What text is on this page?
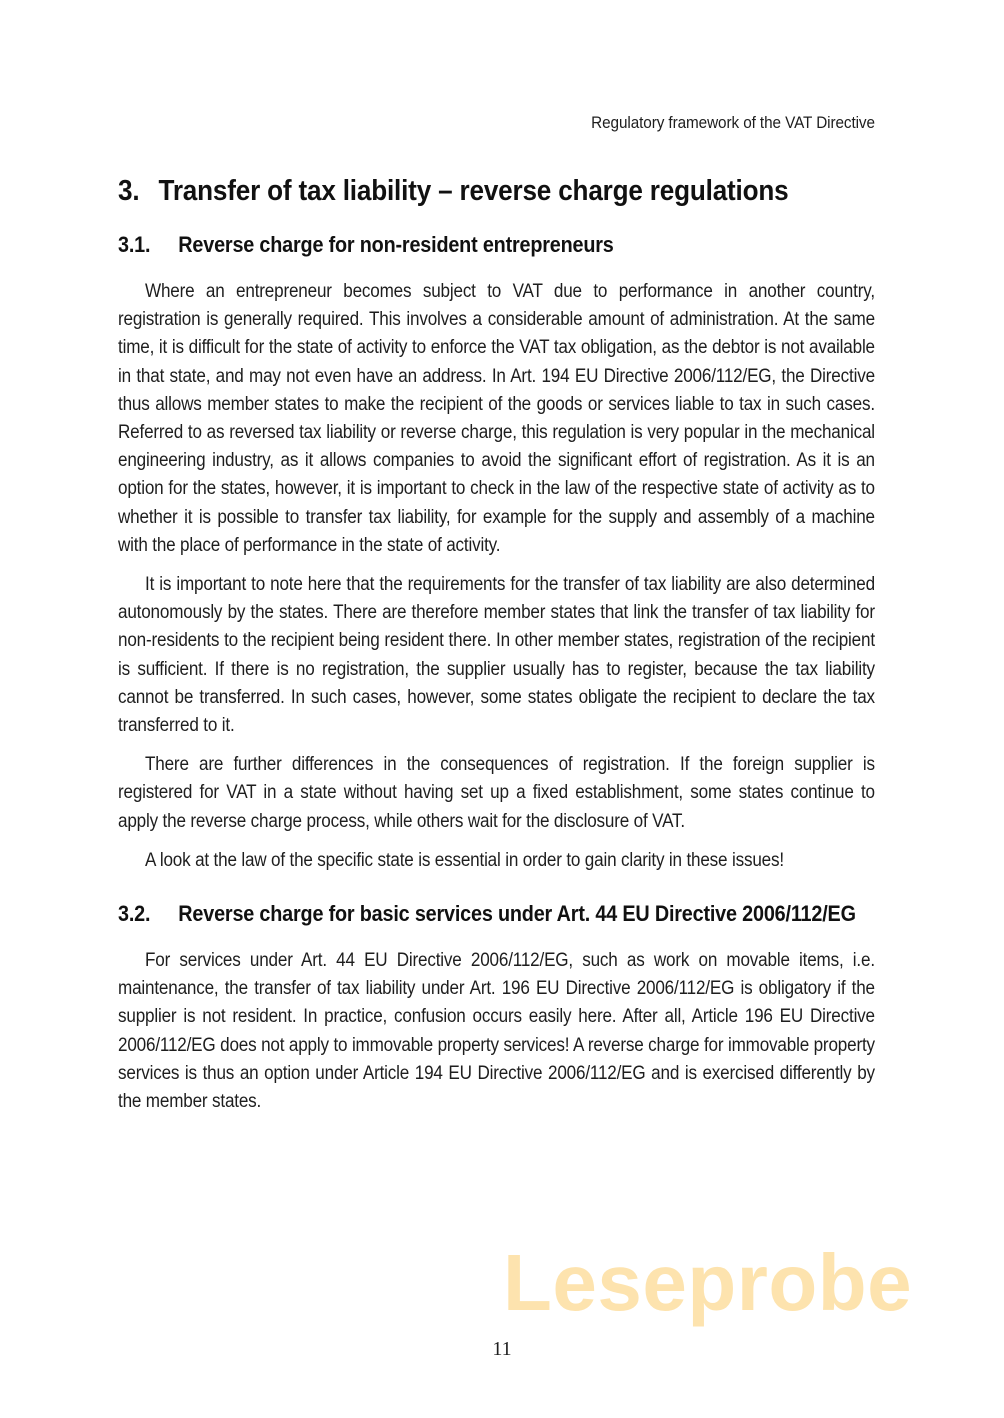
Leseprobe
Regulatory framework of the VAT Directive
3. Transfer of tax liability – reverse charge regulations
3.1. Reverse charge for non-resident entrepreneurs

Where an entrepreneur becomes subject to VAT due to performance in another country, registration is generally required. This involves a considerable amount of administration. At the same time, it is difficult for the state of activity to enforce the VAT tax obligation, as the debtor is not available in that state, and may not even have an address. In Art. 194 EU Directive 2006/112/EG, the Directive thus allows member states to make the recipient of the goods or services liable to tax in such cases. Referred to as reversed tax liability or reverse charge, this regulation is very popular in the mechanical engineering industry, as it allows companies to avoid the significant effort of registration. As it is an option for the states, however, it is important to check in the law of the respective state of activity as to whether it is possible to transfer tax liability, for example for the supply and assembly of a machine with the place of performance in the state of activity.

It is important to note here that the requirements for the transfer of tax liability are also determined autonomously by the states. There are therefore member states that link the transfer of tax liability for non-residents to the recipient being resident there. In other member states, registration of the recipient is sufficient. If there is no registration, the supplier usually has to register, because the tax liability cannot be transferred. In such cases, however, some states obligate the recipient to declare the tax transferred to it.

There are further differences in the consequences of registration. If the foreign supplier is registered for VAT in a state without having set up a fixed establishment, some states continue to apply the reverse charge process, while others wait for the disclosure of VAT.

A look at the law of the specific state is essential in order to gain clarity in these issues!

3.2. Reverse charge for basic services under Art. 44 EU Directive 2006/112/EG

For services under Art. 44 EU Directive 2006/112/EG, such as work on movable items, i.e. maintenance, the transfer of tax liability under Art. 196 EU Directive 2006/112/EG is obligatory if the supplier is not resident. In practice, confusion occurs easily here. After all, Article 196 EU Directive 2006/112/EG does not apply to immovable property services! A reverse charge for immovable property services is thus an option under Article 194 EU Directive 2006/112/EG and is exercised differently by the member states.

11
